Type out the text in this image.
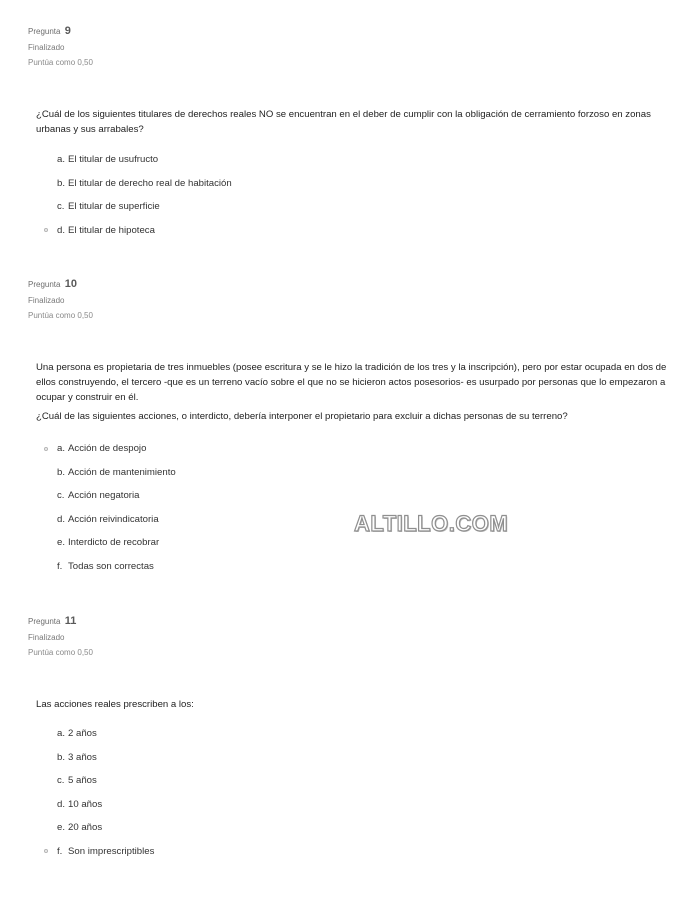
Pregunta 9
Finalizado
Puntúa como 0,50

¿Cuál de los siguientes titulares de derechos reales NO se encuentran en el deber de cumplir con la obligación de cerramiento forzoso en zonas urbanas y sus arrabales?

a. El titular de usufructo
b. El titular de derecho real de habitación
c. El titular de superficie
d. El titular de hipoteca
Pregunta 10
Finalizado
Puntúa como 0,50

Una persona es propietaria de tres inmuebles (posee escritura y se le hizo la tradición de los tres y la inscripción), pero por estar ocupada en dos de ellos construyendo, el tercero -que es un terreno vacío sobre el que no se hicieron actos posesorios- es usurpado por personas que lo empezaron a ocupar y construir en él.

¿Cuál de las siguientes acciones, o interdicto, debería interponer el propietario para excluir a dichas personas de su terreno?

a. Acción de despojo
b. Acción de mantenimiento
c. Acción negatoria
d. Acción reivindicatoria
e. Interdicto de recobrar
f. Todas son correctas
Pregunta 11
Finalizado
Puntúa como 0,50

Las acciones reales prescriben a los:

a. 2 años
b. 3 años
c. 5 años
d. 10 años
e. 20 años
f. Son imprescriptibles
ALTILLO.COM
